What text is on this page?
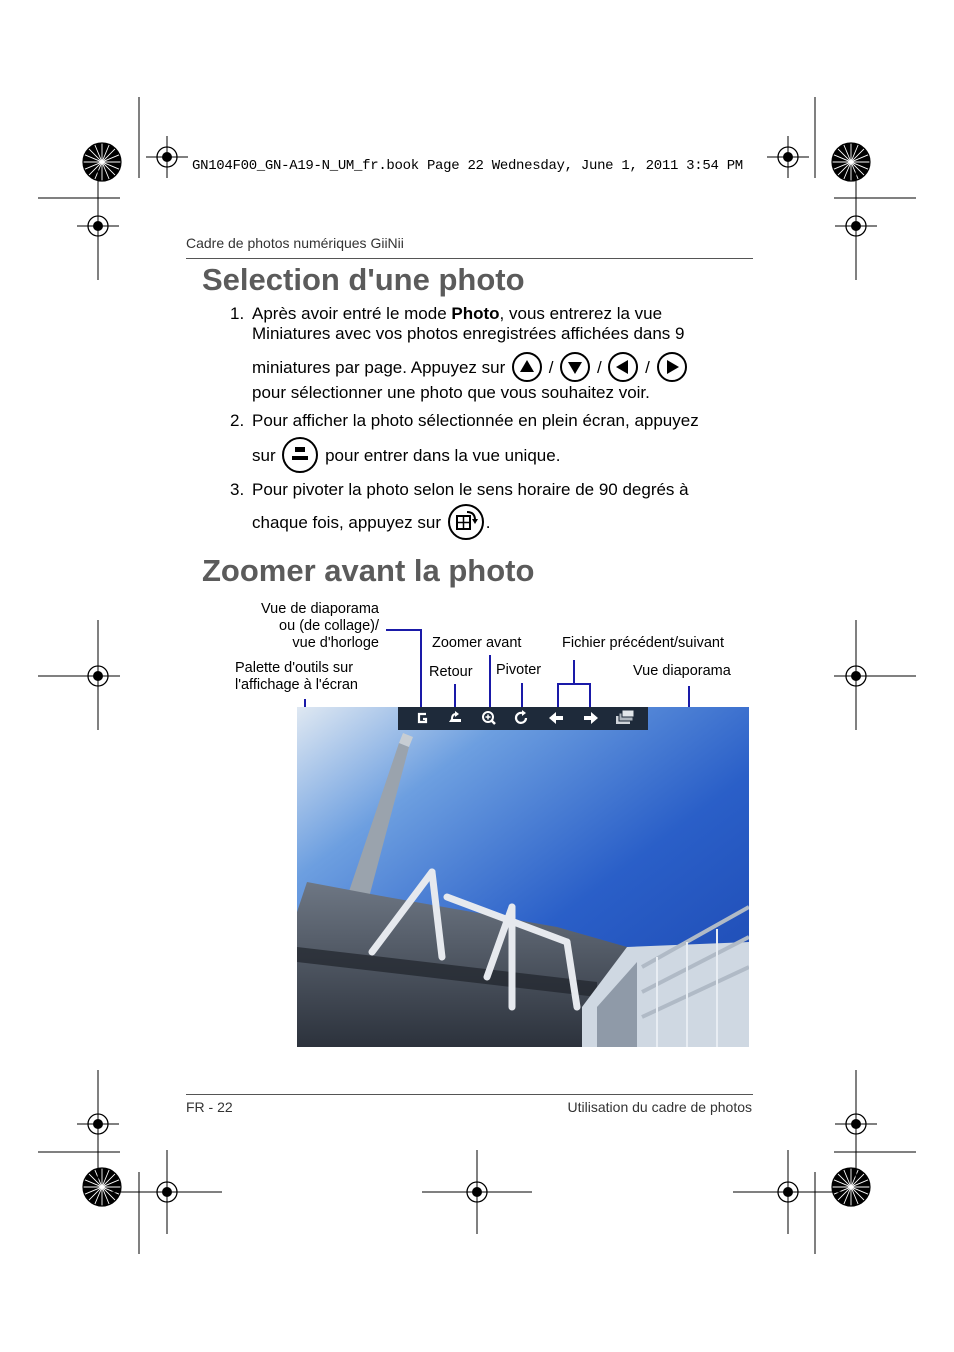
GN104F00_GN-A19-N_UM_fr.book Page 22 Wednesday, June 1, 2011 3:54 PM
Cadre de photos numériques GiiNii
Selection d'une photo
1. Après avoir entré le mode Photo, vous entrerez la vue
Miniatures avec vos photos enregistrées affichées dans 9
miniatures par page. Appuyez sur	/	/	/
pour sélectionner une photo que vous souhaitez voir.
2. Pour afficher la photo sélectionnée en plein écran, appuyez
sur	pour entrer dans la vue unique.
3. Pour pivoter la photo selon le sens horaire de 90 degrés à
chaque fois, appuyez sur	.
Zoomer avant la photo
Vue de diaporama
ou (de collage)/
vue d'horloge
Palette d'outils sur
l'affichage à l'écran
Zoomer avant
Retour Pivoter
Fichier précédent/suivant
Vue diaporama
FR - 22	Utilisation du cadre de photos
